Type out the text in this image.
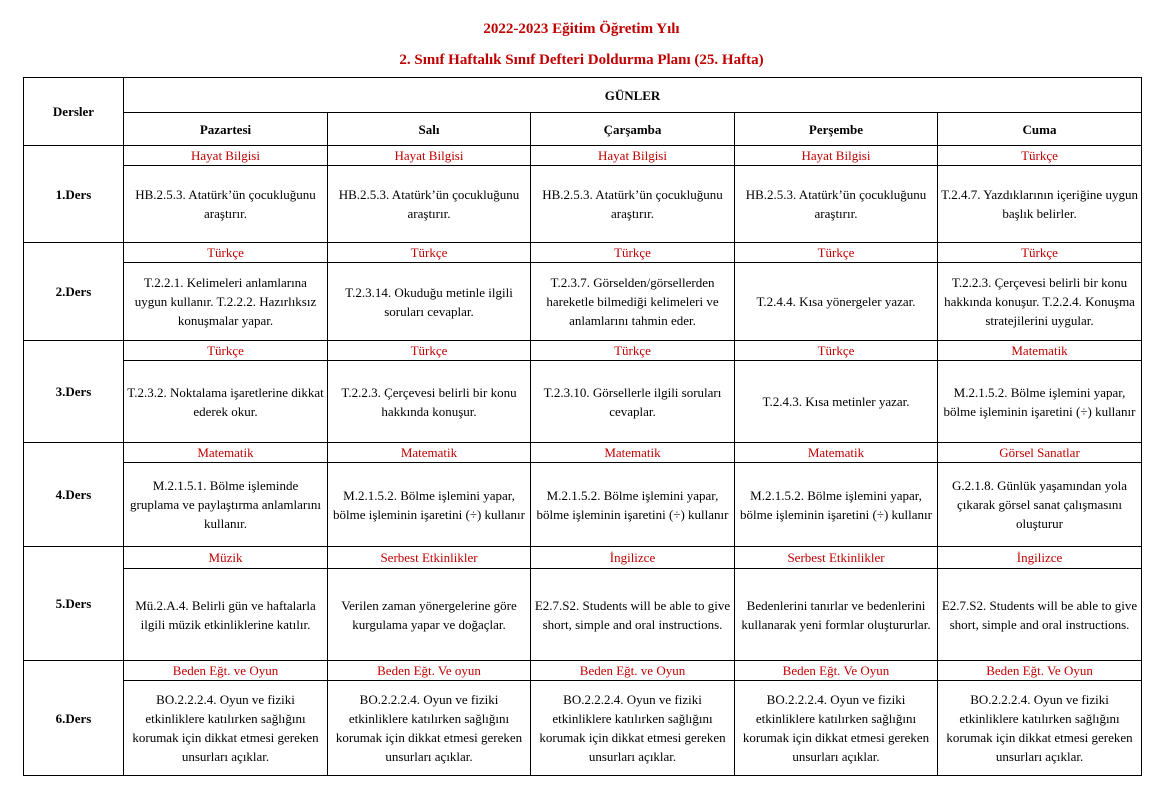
2022-2023 Eğitim Öğretim Yılı
2. Sınıf Haftalık Sınıf Defteri Doldurma Planı (25. Hafta)
Dersler	GÜNLER				
	Pazartesi	Salı	Çarşamba	Perşembe	Cuma
1.Ders	Hayat Bilgisi	Hayat Bilgisi	Hayat Bilgisi	Hayat Bilgisi	Türkçe
	HB.2.5.3. Atatürk’ün çocukluğunu araştırır.	HB.2.5.3. Atatürk’ün çocukluğunu araştırır.	HB.2.5.3. Atatürk’ün çocukluğunu araştırır.	HB.2.5.3. Atatürk’ün çocukluğunu araştırır.	T.2.4.7. Yazdıklarının içeriğine uygun başlık belirler.
2.Ders	Türkçe	Türkçe	Türkçe	Türkçe	Türkçe
	T.2.2.1. Kelimeleri anlamlarına uygun kullanır. T.2.2.2. Hazırlıksız konuşmalar yapar.	T.2.3.14. Okuduğu metinle ilgili soruları cevaplar.	T.2.3.7. Görselden/görsellerden hareketle bilmediği kelimeleri ve anlamlarını tahmin eder.	T.2.4.4. Kısa yönergeler yazar.	T.2.2.3. Çerçevesi belirli bir konu hakkında konuşur. T.2.2.4. Konuşma stratejilerini uygular.
3.Ders	Türkçe	Türkçe	Türkçe	Türkçe	Matematik
	T.2.3.2. Noktalama işaretlerine dikkat ederek okur.	T.2.2.3. Çerçevesi belirli bir konu hakkında konuşur.	T.2.3.10. Görsellerle ilgili soruları cevaplar.	T.2.4.3. Kısa metinler yazar.	M.2.1.5.2. Bölme işlemini yapar, bölme işleminin işaretini (÷) kullanır
4.Ders	Matematik	Matematik	Matematik	Matematik	Görsel Sanatlar
	M.2.1.5.1. Bölme işleminde gruplama ve paylaştırma anlamlarını kullanır.	M.2.1.5.2. Bölme işlemini yapar, bölme işleminin işaretini (÷) kullanır	M.2.1.5.2. Bölme işlemini yapar, bölme işleminin işaretini (÷) kullanır	M.2.1.5.2. Bölme işlemini yapar, bölme işleminin işaretini (÷) kullanır	G.2.1.8. Günlük yaşamından yola çıkarak görsel sanat çalışmasını oluşturur
5.Ders	Müzik	Serbest Etkinlikler	İngilizce	Serbest Etkinlikler	İngilizce
	Mü.2.A.4. Belirli gün ve haftalarla ilgili müzik etkinliklerine katılır.	Verilen zaman yönergelerine göre kurgulama yapar ve doğaçlar.	E2.7.S2. Students will be able to give short, simple and oral instructions.	Bedenlerini tanırlar ve bedenlerini kullanarak yeni formlar oluştururlar.	E2.7.S2. Students will be able to give short, simple and oral instructions.
6.Ders	Beden Eğt. ve Oyun	Beden Eğt. Ve oyun	Beden Eğt. ve Oyun	Beden Eğt. Ve Oyun	Beden Eğt. Ve Oyun
	BO.2.2.2.4. Oyun ve fiziki etkinliklere katılırken sağlığını korumak için dikkat etmesi gereken unsurları açıklar.	BO.2.2.2.4. Oyun ve fiziki etkinliklere katılırken sağlığını korumak için dikkat etmesi gereken unsurları açıklar.	BO.2.2.2.4. Oyun ve fiziki etkinliklere katılırken sağlığını korumak için dikkat etmesi gereken unsurları açıklar.	BO.2.2.2.4. Oyun ve fiziki etkinliklere katılırken sağlığını korumak için dikkat etmesi gereken unsurları açıklar.	BO.2.2.2.4. Oyun ve fiziki etkinliklere katılırken sağlığını korumak için dikkat etmesi gereken unsurları açıklar.
